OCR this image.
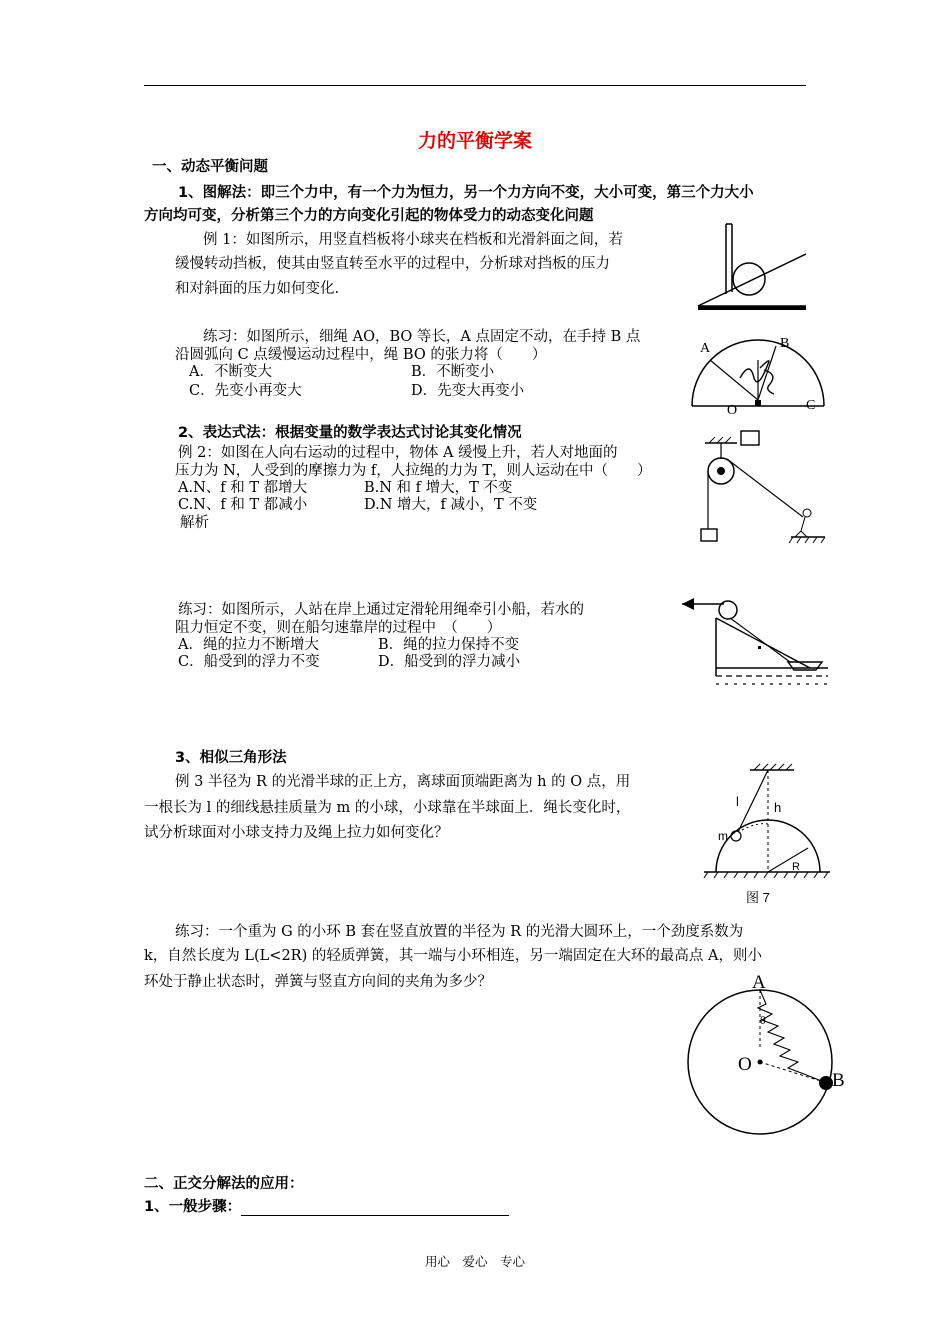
力的平衡学案
一、动态平衡问题
1、图解法：即三个力中，有一个力为恒力，另一个力方向不变，大小可变，第三个力大小
方向均可变，分析第三个力的方向变化引起的物体受力的动态变化问题
例 1：如图所示，用竖直档板将小球夹在档板和光滑斜面之间，若
缓慢转动挡板，使其由竖直转至水平的过程中，分析球对挡板的压力
和对斜面的压力如何变化.
练习：如图所示，细绳 AO，BO 等长，A 点固定不动，在手持 B 点
沿圆弧向 C 点缓慢运动过程中，绳 BO 的张力将（　　）
A．不断变大	B．不断变小
C．先变小再变大	D．先变大再变小
A	B
C
O
2、表达式法：根据变量的数学表达式讨论其变化情况
例 2：如图在人向右运动的过程中，物体 A 缓慢上升，若人对地面的
压力为 N，人受到的摩擦力为 f，人拉绳的力为 T，则人运动在中（　　）
A.N、f 和 T 都增大	B.N 和 f 增大，T 不变
C.N、f 和 T 都减小	D.N 增大，f 减小，T 不变
解析
练习：如图所示，人站在岸上通过定滑轮用绳牵引小船，若水的
阻力恒定不变，则在船匀速靠岸的过程中　（　　）
A．绳的拉力不断增大	B．绳的拉力保持不变
C．船受到的浮力不变	D．船受到的浮力减小
3、相似三角形法
例 3 半径为 R 的光滑半球的正上方，离球面顶端距离为 h 的 O 点，用
一根长为 l 的细线悬挂质量为 m 的小球，小球靠在半球面上．绳长变化时，
试分析球面对小球支持力及绳上拉力如何变化？
l	h
m
R
图 7
练习：一个重为 G 的小环 B 套在竖直放置的半径为 R 的光滑大圆环上，一个劲度系数为
k，自然长度为 L(L<2R) 的轻质弹簧，其一端与小环相连，另一端固定在大环的最高点 A，则小
环处于静止状态时，弹簧与竖直方向间的夹角为多少？	A
B
O
θ
二、正交分解法的应用：
1、一般步骤：
用心　爱心　专心
